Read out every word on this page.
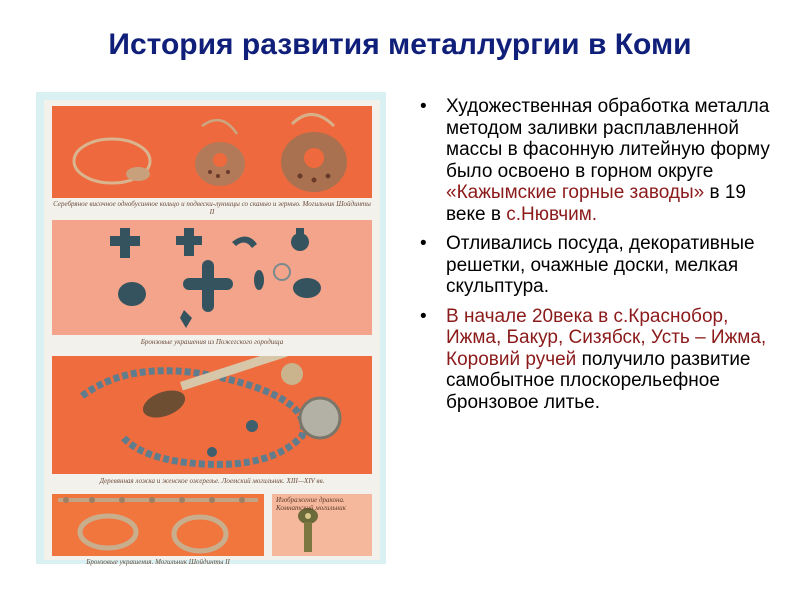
История развития металлургии в Коми
Серебряное височное однобусинное кольцо и подвески-лунницы со сканью и зернью. Могильник Шойдинты II
Бронзовые украшения из Пожегского городища
Деревянная ложка и женское ожерелье. Лоемский могильник. XIII—XIV вв.
Бронзовые украшения. Могильник Шойдинты II
Изображение дракона. Комнатский могильник
• Художественная обработка металла методом заливки расплавленной массы в фасонную литейную форму было освоено в горном округе «Кажымские горные заводы» в 19 веке в с.Нювчим.
• Отливались посуда, декоративные решетки, очажные доски, мелкая скульптура.
• В начале 20века в с.Краснобор, Ижма, Бакур, Сизябск, Усть – Ижма, Коровий ручей получило развитие самобытное плоскорельефное бронзовое литье.
